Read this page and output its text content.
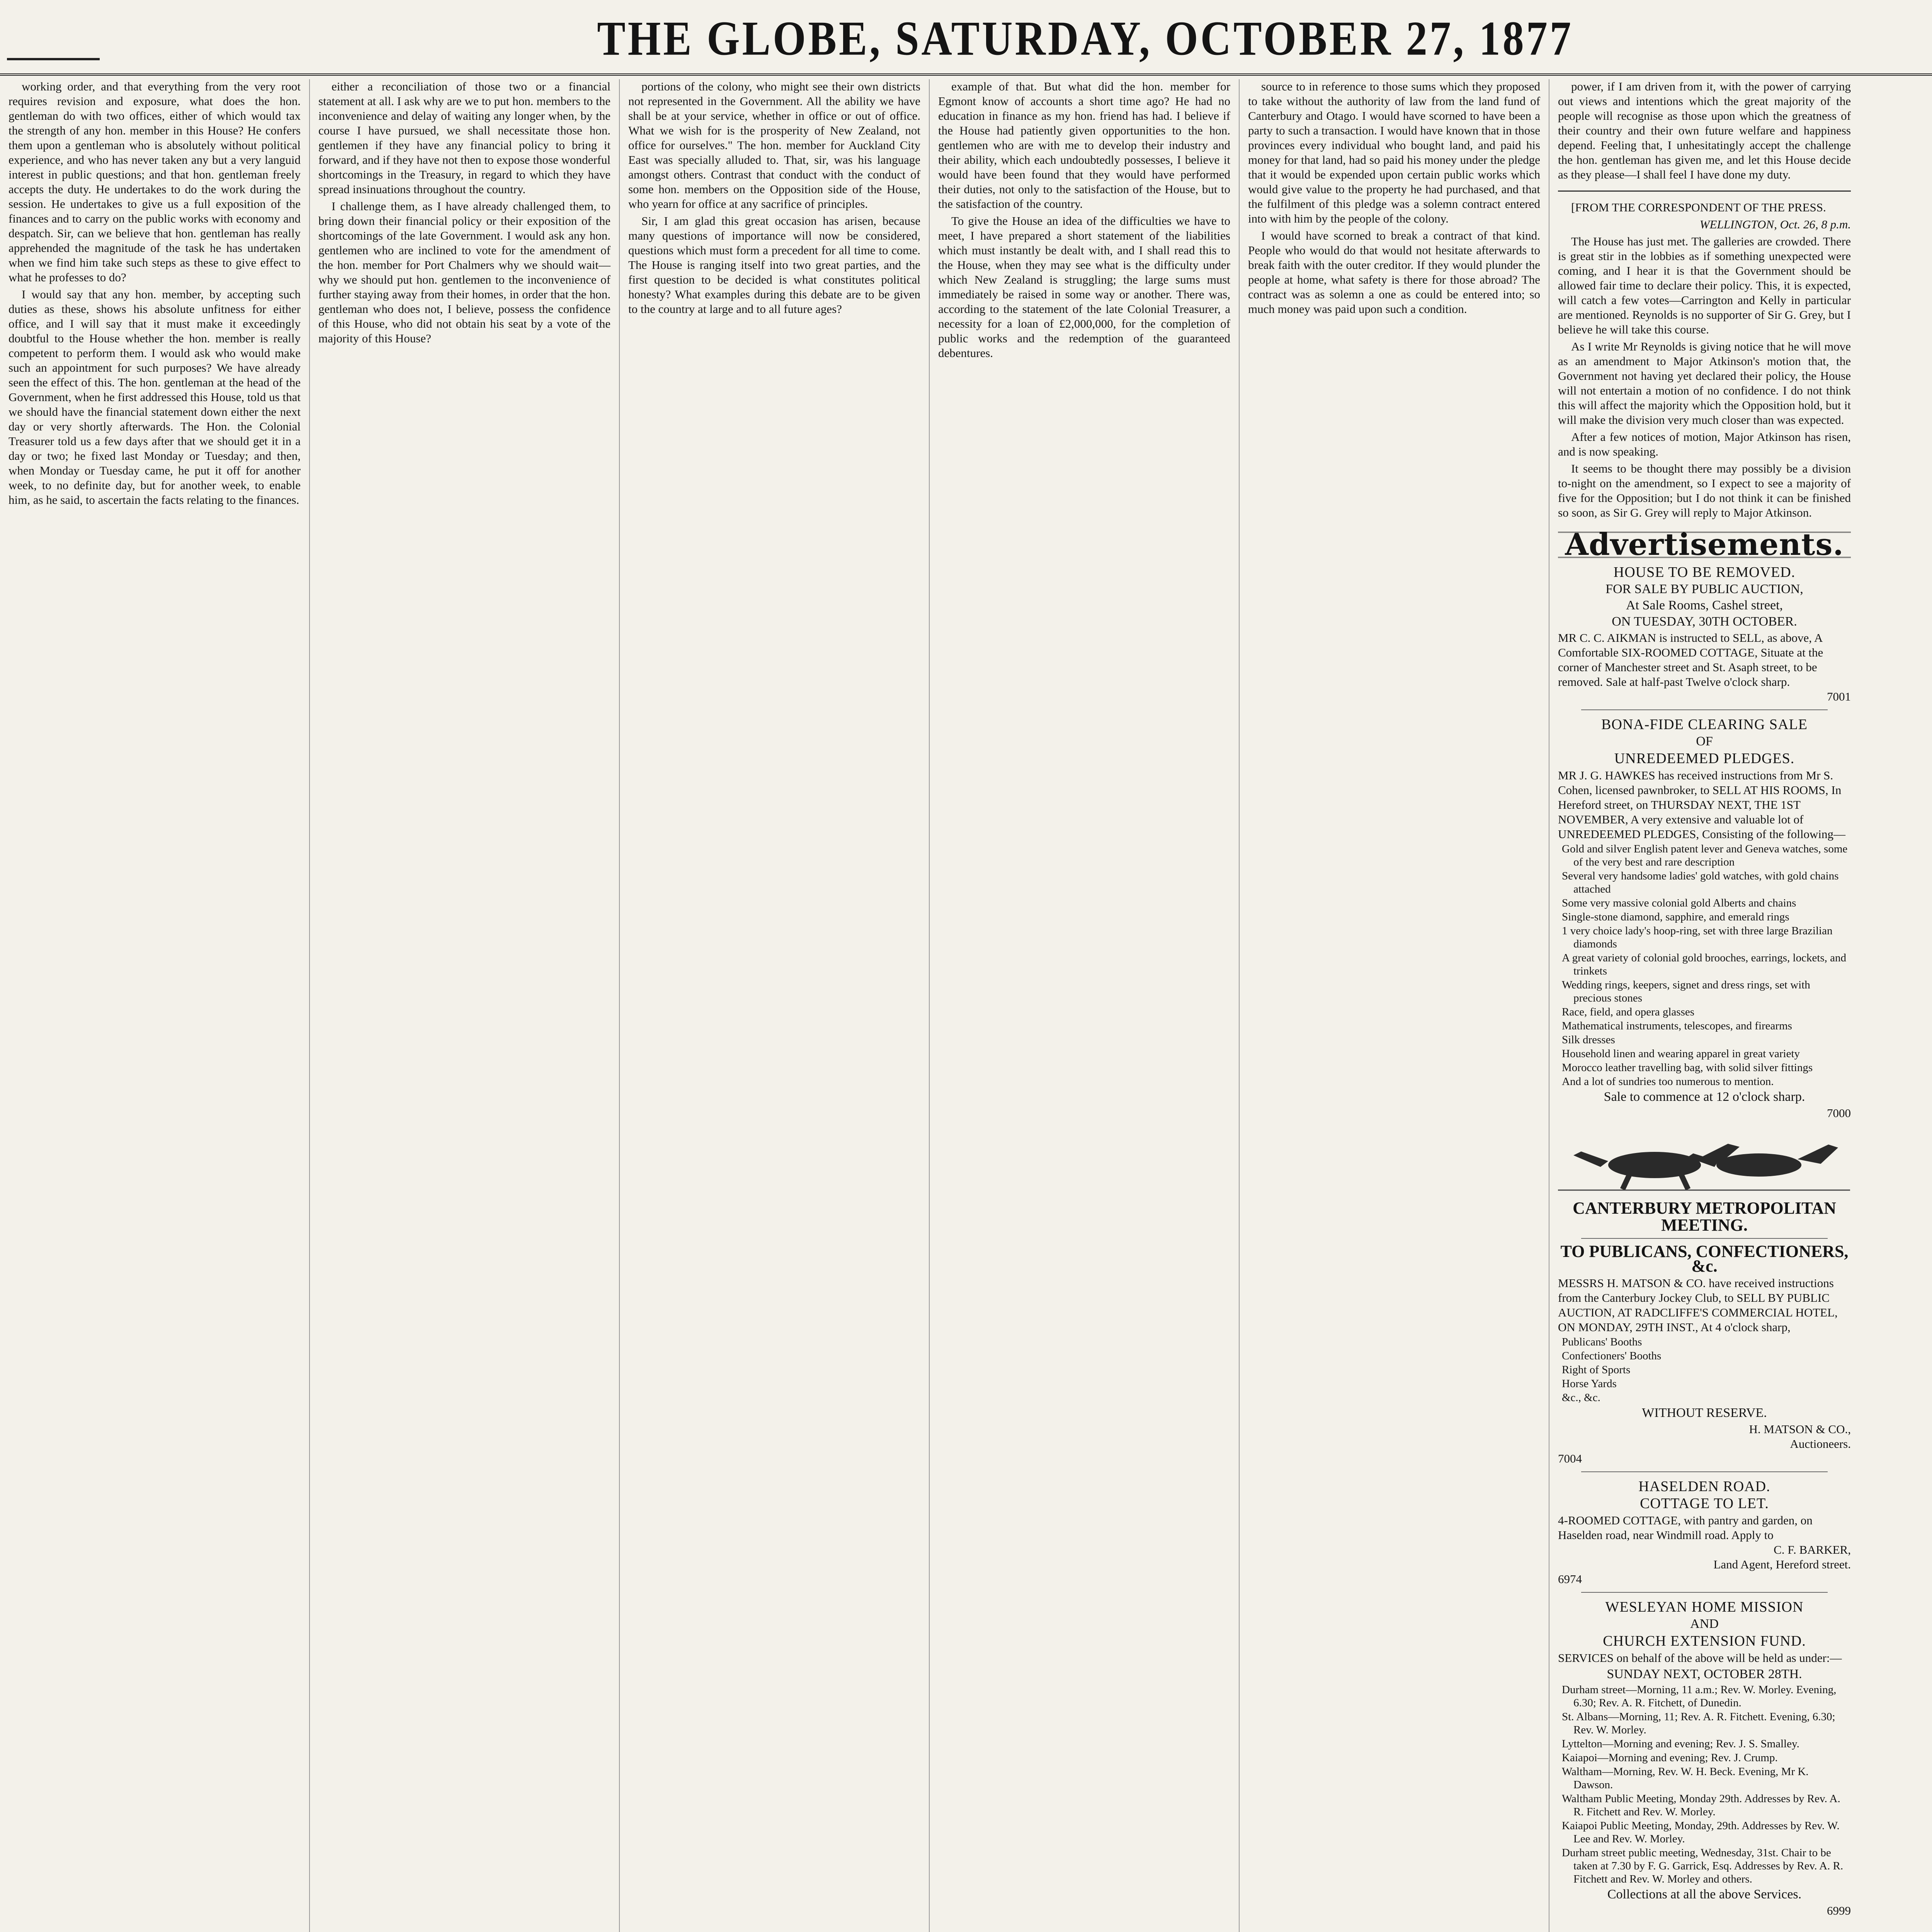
THE GLOBE, SATURDAY, OCTOBER 27, 1877

working order, and that everything from the very root requires revision and exposure, what does the hon. gentleman do with two offices, either of which would tax the strength of any hon. member in this House? He confers them upon a gentleman who is absolutely without political experience, and who has never taken any but a very languid interest in public questions; and that hon. gentleman freely accepts the duty. He undertakes to do the work during the session. He undertakes to give us a full exposition of the finances and to carry on the public works with economy and despatch. Sir, can we believe that hon. gentleman has really apprehended the magnitude of the task he has undertaken when we find him take such steps as these to give effect to what he professes to do?

I would say that any hon. member, by accepting such duties as these, shows his absolute unfitness for either office, and I will say that it must make it exceedingly doubtful to the House whether the hon. member is really competent to perform them. I would ask who would make such an appointment for such purposes? We have already seen the effect of this. The hon. gentleman at the head of the Government, when he first addressed this House, told us that we should have the financial statement down either the next day or very shortly afterwards. The Hon. the Colonial Treasurer told us a few days after that we should get it in a day or two; he fixed last Monday or Tuesday; and then, when Monday or Tuesday came, he put it off for another week, to no definite day, but for another week, to enable him, as he said, to ascertain the facts relating to the finances.

either a reconciliation of those two or a financial statement at all. I ask why are we to put hon. members to the inconvenience and delay of waiting any longer when, by the course I have pursued, we shall necessitate those hon. gentlemen if they have any financial policy to bring it forward, and if they have not then to expose those wonderful shortcomings in the Treasury, in regard to which they have spread insinuations throughout the country.

I challenge them, as I have already challenged them, to bring down their financial policy or their exposition of the shortcomings of the late Government. I would ask any hon. gentlemen who are inclined to vote for the amendment of the hon. member for Port Chalmers why we should wait—why we should put hon. gentlemen to the inconvenience of further staying away from their homes, in order that the hon. gentleman who does not, I believe, possess the confidence of this House, who did not obtain his seat by a vote of the majority of this House?

portions of the colony, who might see their own districts not represented in the Government. All the ability we have shall be at your service, whether in office or out of office. What we wish for is the prosperity of New Zealand, not office for ourselves." The hon. member for Auckland City East was specially alluded to. That, sir, was his language amongst others. Contrast that conduct with the conduct of some hon. members on the Opposition side of the House, who yearn for office at any sacrifice of principles.

Sir, I am glad this great occasion has arisen, because many questions of importance will now be considered, questions which must form a precedent for all time to come. The House is ranging itself into two great parties, and the first question to be decided is what constitutes political honesty? What examples during this debate are to be given to the country at large and to all future ages?

example of that. But what did the hon. member for Egmont know of accounts a short time ago? He had no education in finance as my hon. friend has had. I believe if the House had patiently given opportunities to the hon. gentlemen who are with me to develop their industry and their ability, which each undoubtedly possesses, I believe it would have been found that they would have performed their duties, not only to the satisfaction of the House, but to the satisfaction of the country.

To give the House an idea of the difficulties we have to meet, I have prepared a short statement of the liabilities which must instantly be dealt with, and I shall read this to the House, when they may see what is the difficulty under which New Zealand is struggling; the large sums must immediately be raised in some way or another. There was, according to the statement of the late Colonial Treasurer, a necessity for a loan of £2,000,000, for the completion of public works and the redemption of the guaranteed debentures.

source to in reference to those sums which they proposed to take without the authority of law from the land fund of Canterbury and Otago. I would have scorned to have been a party to such a transaction. I would have known that in those provinces every individual who bought land, and paid his money for that land, had so paid his money under the pledge that it would be expended upon certain public works which would give value to the property he had purchased, and that the fulfilment of this pledge was a solemn contract entered into with him by the people of the colony.

I would have scorned to break a contract of that kind. People who would do that would not hesitate afterwards to break faith with the outer creditor. If they would plunder the people at home, what safety is there for those abroad? The contract was as solemn a one as could be entered into; so much money was paid upon such a condition.

power, if I am driven from it, with the power of carrying out views and intentions which the great majority of the people will recognise as those upon which the greatness of their country and their own future welfare and happiness depend. Feeling that, I unhesitatingly accept the challenge the hon. gentleman has given me, and let this House decide as they please—I shall feel I have done my duty.

[FROM THE CORRESPONDENT OF THE PRESS.

WELLINGTON, Oct. 26, 8 p.m.

The House has just met. The galleries are crowded. There is great stir in the lobbies as if something unexpected were coming, and I hear it is that the Government should be allowed fair time to declare their policy. This, it is expected, will catch a few votes—Carrington and Kelly in particular are mentioned. Reynolds is no supporter of Sir G. Grey, but I believe he will take this course.

As I write Mr Reynolds is giving notice that he will move as an amendment to Major Atkinson's motion that, the Government not having yet declared their policy, the House will not entertain a motion of no confidence. I do not think this will affect the majority which the Opposition hold, but it will make the division very much closer than was expected.

After a few notices of motion, Major Atkinson has risen, and is now speaking.

It seems to be thought there may possibly be a division to-night on the amendment, so I expect to see a majority of five for the Opposition; but I do not think it can be finished so soon, as Sir G. Grey will reply to Major Atkinson.

Advertisements.
HOUSE TO BE REMOVED.
FOR SALE BY PUBLIC AUCTION,
At Sale Rooms, Cashel street,
ON TUESDAY, 30TH OCTOBER.
MR C. C. AIKMAN is instructed to SELL, as above, A Comfortable SIX-ROOMED COTTAGE, Situate at the corner of Manchester street and St. Asaph street, to be removed. Sale at half-past Twelve o'clock sharp.
7001
BONA-FIDE CLEARING SALE
OF
UNREDEEMED PLEDGES.
MR J. G. HAWKES has received instructions from Mr S. Cohen, licensed pawnbroker, to SELL AT HIS ROOMS, In Hereford street, on THURSDAY NEXT, THE 1ST NOVEMBER, A very extensive and valuable lot of UNREDEEMED PLEDGES, Consisting of the following—
Gold and silver English patent lever and Geneva watches, some of the very best and rare description
Several very handsome ladies' gold watches, with gold chains attached
Some very massive colonial gold Alberts and chains
Single-stone diamond, sapphire, and emerald rings
1 very choice lady's hoop-ring, set with three large Brazilian diamonds
A great variety of colonial gold brooches, earrings, lockets, and trinkets
Wedding rings, keepers, signet and dress rings, set with precious stones
Race, field, and opera glasses
Mathematical instruments, telescopes, and firearms
Silk dresses
Household linen and wearing apparel in great variety
Morocco leather travelling bag, with solid silver fittings
And a lot of sundries too numerous to mention.
Sale to commence at 12 o'clock sharp.
7000
CANTERBURY METROPOLITAN
MEETING.
TO PUBLICANS, CONFECTIONERS, &c.
MESSRS H. MATSON & CO. have received instructions from the Canterbury Jockey Club, to SELL BY PUBLIC AUCTION, AT RADCLIFFE'S COMMERCIAL HOTEL, ON MONDAY, 29TH INST., At 4 o'clock sharp,
Publicans' Booths
Confectioners' Booths
Right of Sports
Horse Yards
&c., &c.
WITHOUT RESERVE.
H. MATSON & CO.,
Auctioneers.
7004
HASELDEN ROAD.
COTTAGE TO LET.
4-ROOMED COTTAGE, with pantry and garden, on Haselden road, near Windmill road. Apply to
C. F. BARKER,
Land Agent, Hereford street.
6974
WESLEYAN HOME MISSION
AND
CHURCH EXTENSION FUND.
SERVICES on behalf of the above will be held as under:—
SUNDAY NEXT, OCTOBER 28TH.
Durham street—Morning, 11 a.m.; Rev. W. Morley. Evening, 6.30; Rev. A. R. Fitchett, of Dunedin.
St. Albans—Morning, 11; Rev. A. R. Fitchett. Evening, 6.30; Rev. W. Morley.
Lyttelton—Morning and evening; Rev. J. S. Smalley.
Kaiapoi—Morning and evening; Rev. J. Crump.
Waltham—Morning, Rev. W. H. Beck. Evening, Mr K. Dawson.
Waltham Public Meeting, Monday 29th. Addresses by Rev. A. R. Fitchett and Rev. W. Morley.
Kaiapoi Public Meeting, Monday, 29th. Addresses by Rev. W. Lee and Rev. W. Morley.
Durham street public meeting, Wednesday, 31st. Chair to be taken at 7.30 by F. G. Garrick, Esq. Addresses by Rev. A. R. Fitchett and Rev. W. Morley and others.
Collections at all the above Services.
6999
